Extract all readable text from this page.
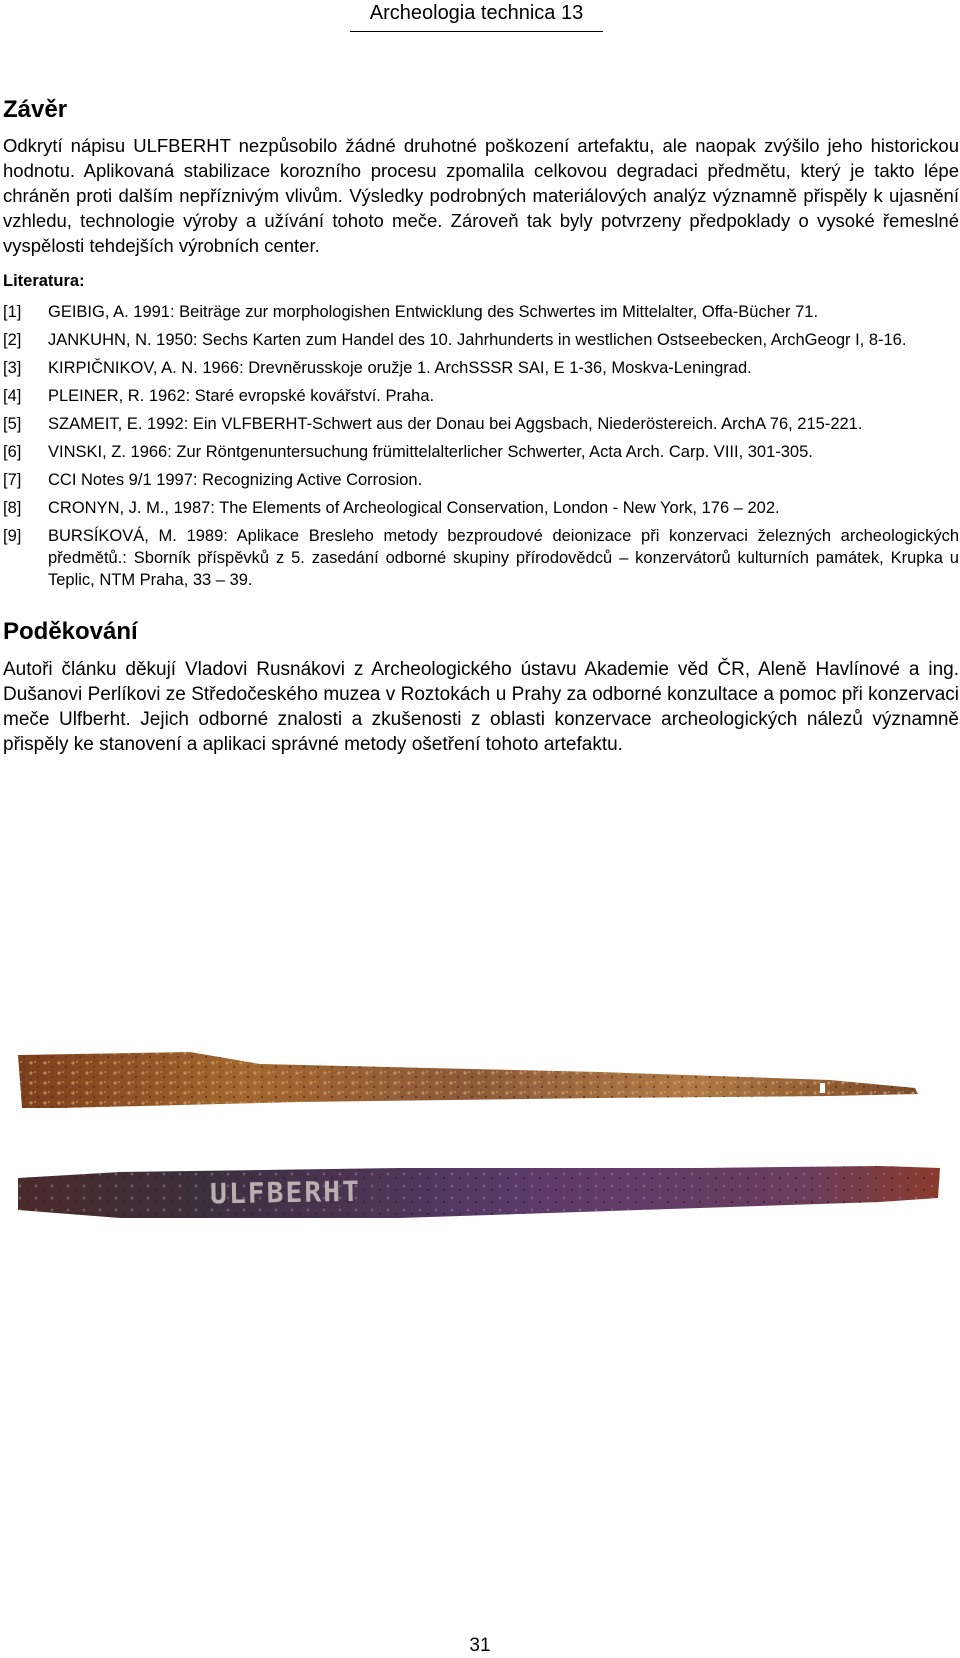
Archeologia technica 13
Závěr

Odkrytí nápisu ULFBERHT nezpůsobilo žádné druhotné poškození artefaktu, ale naopak zvýšilo jeho historickou hodnotu. Aplikovaná stabilizace korozního procesu zpomalila celkovou degradaci předmětu, který je takto lépe chráněn proti dalším nepříznivým vlivům. Výsledky podrobných materiálových analýz významně přispěly k ujasnění vzhledu, technologie výroby a užívání tohoto meče. Zároveň tak byly potvrzeny předpoklady o vysoké řemeslné vyspělosti tehdejších výrobních center.

Literatura:
[1]	GEIBIG, A. 1991: Beiträge zur morphologishen Entwicklung des Schwertes im Mittelalter, Offa-Bücher 71.
[2]	JANKUHN, N. 1950: Sechs Karten zum Handel des 10. Jahrhunderts in westlichen Ostseebecken, ArchGeogr I, 8-16.
[3]	KIRPIČNIKOV, A. N. 1966: Drevněrusskoje oružje 1. ArchSSSR SAI, E 1-36, Moskva-Leningrad.
[4]	PLEINER, R. 1962: Staré evropské kovářství. Praha.
[5]	SZAMEIT, E. 1992: Ein VLFBERHT-Schwert aus der Donau bei Aggsbach, Niederöstereich. ArchA 76, 215-221.
[6]	VINSKI, Z. 1966: Zur Röntgenuntersuchung frümittelalterlicher Schwerter, Acta Arch. Carp. VIII, 301-305.
[7]	CCI Notes 9/1 1997: Recognizing Active Corrosion.
[8]	CRONYN, J. M., 1987: The Elements of Archeological Conservation, London - New York, 176 – 202.
[9]	BURSÍKOVÁ, M. 1989: Aplikace Bresleho metody bezproudové deionizace při konzervaci železných archeologických předmětů.: Sborník příspěvků z 5. zasedání odborné skupiny přírodovědců – konzervátorů kulturních památek, Krupka u Teplic, NTM Praha, 33 – 39.
Poděkování

Autoři článku děkují Vladovi Rusnákovi z Archeologického ústavu Akademie věd ČR, Aleně Havlínové a ing. Dušanovi Perlíkovi ze Středočeského muzea v Roztokách u Prahy za odborné konzultace a pomoc při konzervaci meče Ulfberht. Jejich odborné znalosti a zkušenosti z oblasti konzervace archeologických nálezů významně přispěly ke stanovení a aplikaci správné metody ošetření tohoto artefaktu.

ULFBERHT
31
